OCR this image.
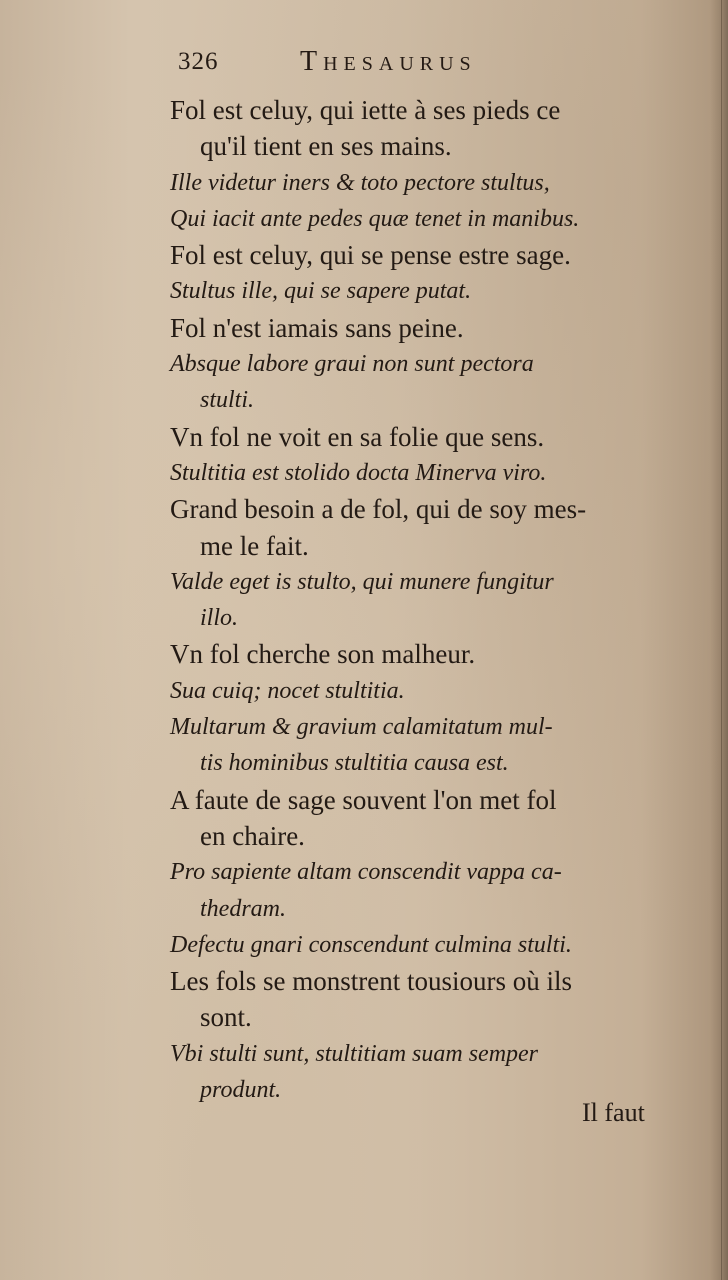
326	Thesaurus

Fol est celuy, qui iette à ses pieds ce

qu'il tient en ses mains.

Ille videtur iners & toto pectore stultus,

Qui iacit ante pedes quæ tenet in manibus.

Fol est celuy, qui se pense estre sage.

Stultus ille, qui se sapere putat.

Fol n'est iamais sans peine.

Absque labore graui non sunt pectora

stulti.

Vn fol ne voit en sa folie que sens.

Stultitia est stolido docta Minerva viro.

Grand besoin a de fol, qui de soy mes-

me le fait.

Valde eget is stulto, qui munere fungitur

illo.

Vn fol cherche son malheur.

Sua cuiq; nocet stultitia.

Multarum & gravium calamitatum mul-

tis hominibus stultitia causa est.

A faute de sage souvent l'on met fol

en chaire.

Pro sapiente altam conscendit vappa ca-

thedram.

Defectu gnari conscendunt culmina stulti.

Les fols se monstrent tousiours où ils

sont.

Vbi stulti sunt, stultitiam suam semper

produnt.

Il faut
